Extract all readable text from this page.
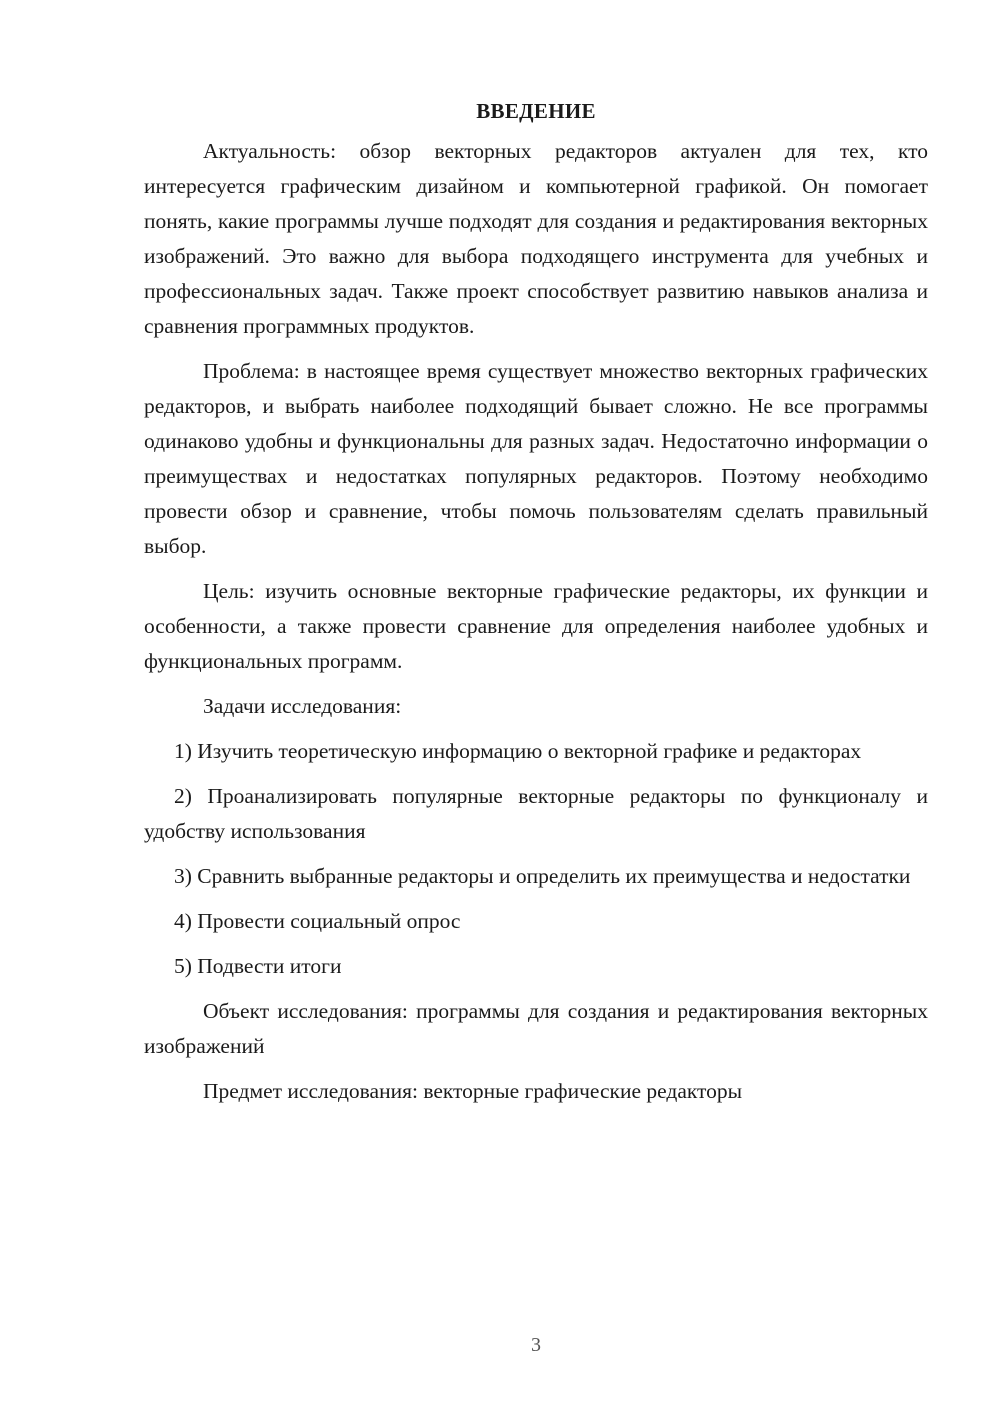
ВВЕДЕНИЕ

Актуальность: обзор векторных редакторов актуален для тех, кто интересуется графическим дизайном и компьютерной графикой. Он помогает понять, какие программы лучше подходят для создания и редактирования векторных изображений. Это важно для выбора подходящего инструмента для учебных и профессиональных задач. Также проект способствует развитию навыков анализа и сравнения программных продуктов.

Проблема: в настоящее время существует множество векторных графических редакторов, и выбрать наиболее подходящий бывает сложно. Не все программы одинаково удобны и функциональны для разных задач. Недостаточно информации о преимуществах и недостатках популярных редакторов. Поэтому необходимо провести обзор и сравнение, чтобы помочь пользователям сделать правильный выбор.

Цель: изучить основные векторные графические редакторы, их функции и особенности, а также провести сравнение для определения наиболее удобных и функциональных программ.

Задачи исследования:

1) Изучить теоретическую информацию о векторной графике и редакторах

2) Проанализировать популярные векторные редакторы по функционалу и удобству использования

3) Сравнить выбранные редакторы и определить их преимущества и недостатки

4) Провести социальный опрос

5) Подвести итоги

Объект исследования: программы для создания и редактирования векторных изображений

Предмет исследования: векторные графические редакторы

3
